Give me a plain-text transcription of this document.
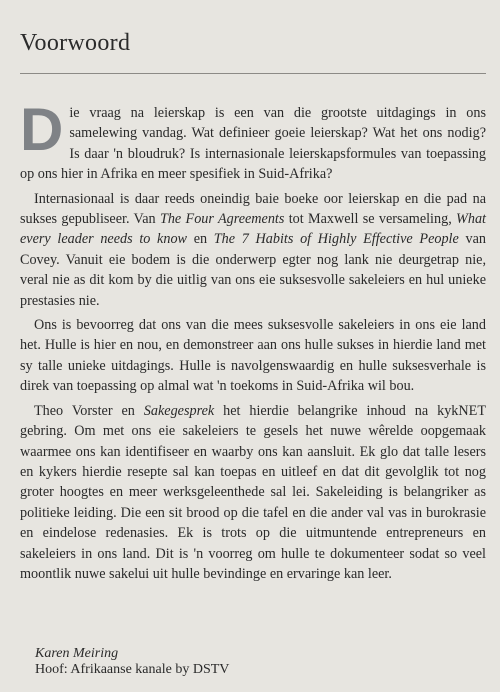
Voorwoord

Die vraag na leierskap is een van die grootste uitdagings in ons samelewing vandag. Wat definieer goeie leierskap? Wat het ons nodig? Is daar 'n bloudruk? Is internasionale leierskapsformules van toepassing op ons hier in Afrika en meer spesifiek in Suid-Afrika?

Internasionaal is daar reeds oneindig baie boeke oor leierskap en die pad na sukses gepubliseer. Van The Four Agreements tot Maxwell se versameling, What every leader needs to know en The 7 Habits of Highly Effective People van Covey. Vanuit eie bodem is die onderwerp egter nog lank nie deurgetrap nie, veral nie as dit kom by die uitlig van ons eie suksesvolle sakeleiers en hul unieke prestasies nie.

Ons is bevoorreg dat ons van die mees suksesvolle sakeleiers in ons eie land het. Hulle is hier en nou, en demonstreer aan ons hulle sukses in hierdie land met sy talle unieke uitdagings. Hulle is navolgenswaardig en hulle suksesverhale is direk van toepassing op almal wat 'n toekoms in Suid-Afrika wil bou.

Theo Vorster en Sakegesprek het hierdie belangrike inhoud na kykNET gebring. Om met ons eie sakeleiers te gesels het nuwe wêrelde oopgemaak waarmee ons kan identifiseer en waarby ons kan aansluit. Ek glo dat talle lesers en kykers hierdie resepte sal kan toepas en uitleef en dat dit gevolglik tot nog groter hoogtes en meer werksgeleenthede sal lei. Sakeleiding is belangriker as politieke leiding. Die een sit brood op die tafel en die ander val vas in burokrasie en eindelose redenasies. Ek is trots op die uitmuntende entrepreneurs en sakeleiers in ons land. Dit is 'n voorreg om hulle te dokumenteer sodat so veel moontlik nuwe sakelui uit hulle bevindinge en ervaringe kan leer.

Karen Meiring
Hoof: Afrikaanse kanale by DSTV
